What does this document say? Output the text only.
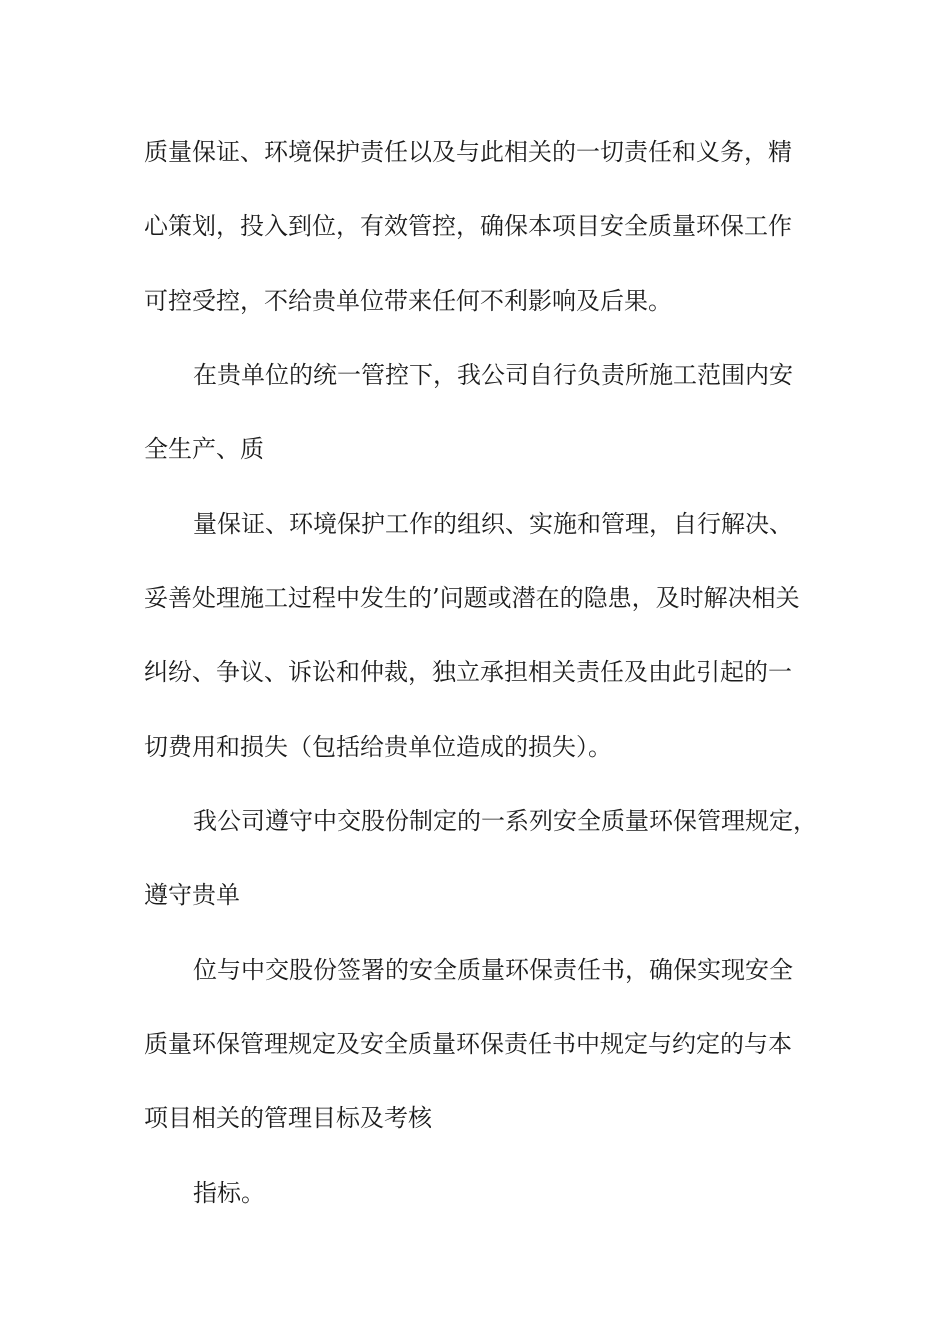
质量保证、环境保护责任以及与此相关的一切责任和义务，精
心策划，投入到位，有效管控，确保本项目安全质量环保工作
可控受控，不给贵单位带来任何不利影响及后果。
在贵单位的统一管控下，我公司自行负责所施工范围内安
全生产、质
量保证、环境保护工作的组织、实施和管理，自行解决、
妥善处理施工过程中发生的’问题或潜在的隐患，及时解决相关
纠纷、争议、诉讼和仲裁，独立承担相关责任及由此引起的一
切费用和损失（包括给贵单位造成的损失）。
我公司遵守中交股份制定的一系列安全质量环保管理规定，
遵守贵单
位与中交股份签署的安全质量环保责任书，确保实现安全
质量环保管理规定及安全质量环保责任书中规定与约定的与本
项目相关的管理目标及考核
指标。
